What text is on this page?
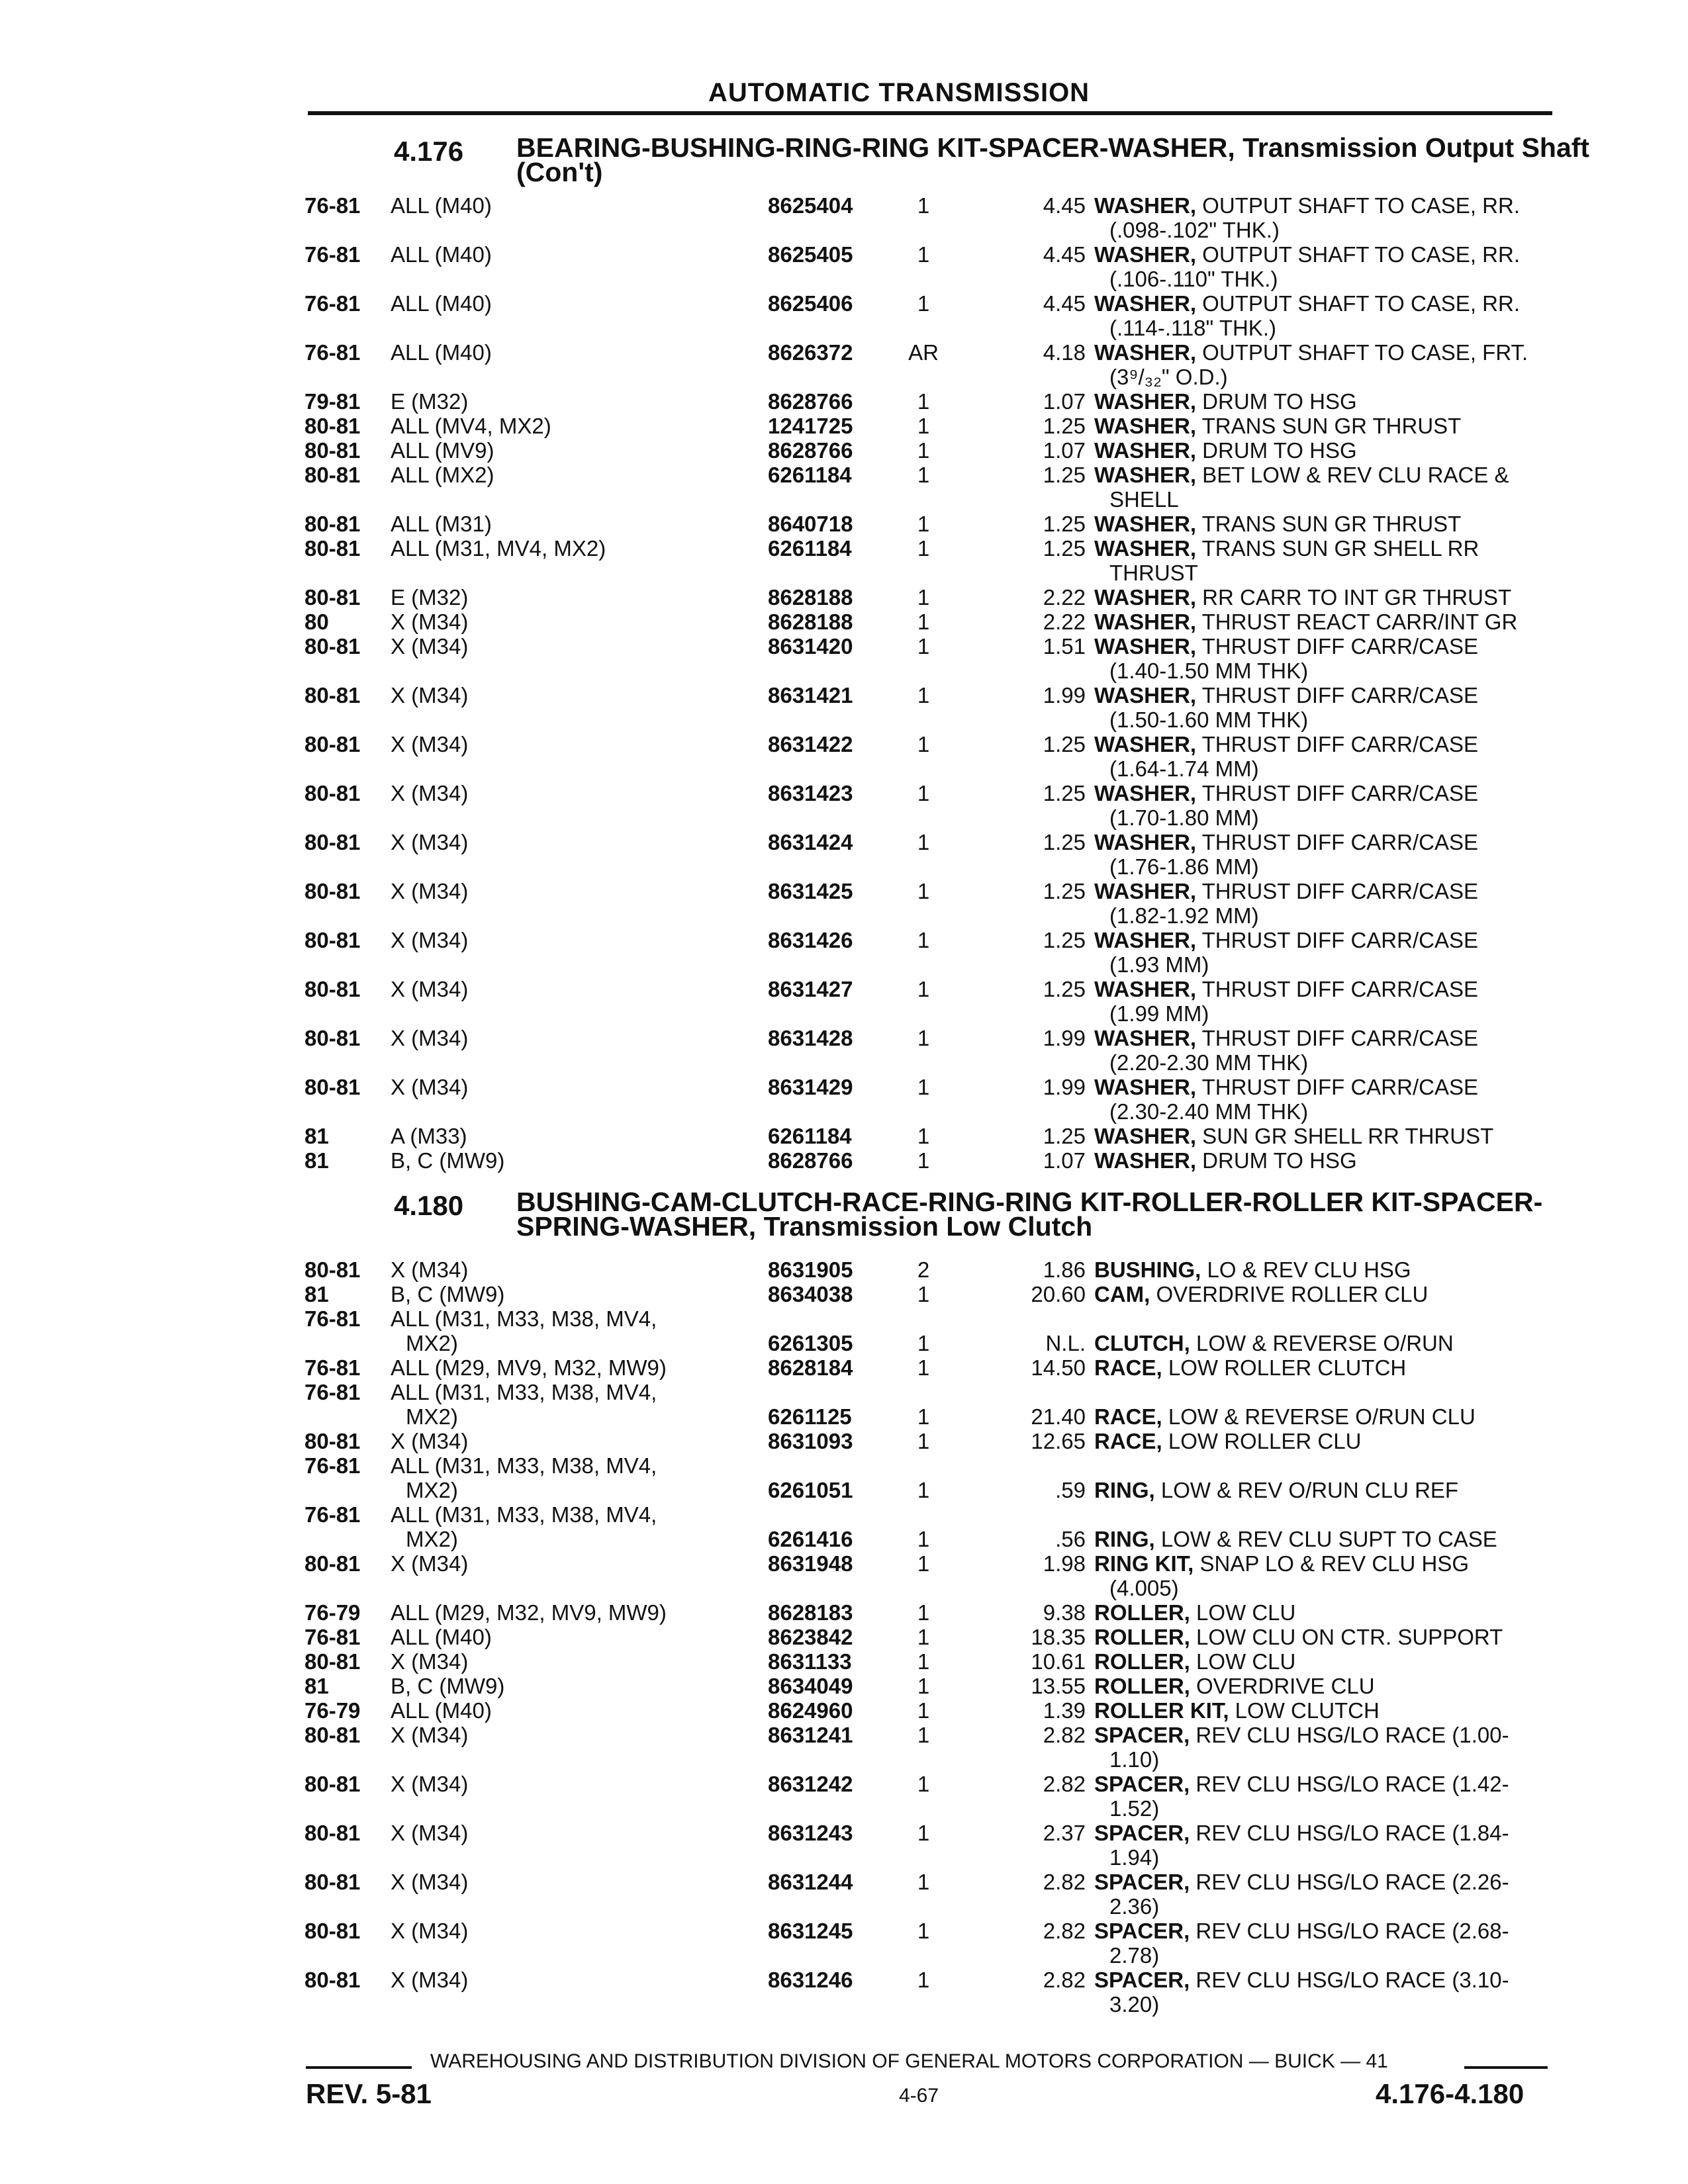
AUTOMATIC TRANSMISSION
4.176 BEARING-BUSHING-RING-RING KIT-SPACER-WASHER, Transmission Output Shaft (Con't)
76-81	ALL (M40)	8625404	1	4.45 WASHER, OUTPUT SHAFT TO CASE, RR.
(.098-.102" THK.)
76-81	ALL (M40)	8625405	1	4.45 WASHER, OUTPUT SHAFT TO CASE, RR.
(.106-.110" THK.)
76-81	ALL (M40)	8625406	1	4.45 WASHER, OUTPUT SHAFT TO CASE, RR.
(.114-.118" THK.)
76-81	ALL (M40)	8626372	AR	4.18 WASHER, OUTPUT SHAFT TO CASE, FRT.
(3⁹/₃₂" O.D.)
79-81	E (M32)	8628766	1	1.07 WASHER, DRUM TO HSG
80-81	ALL (MV4, MX2)	1241725	1	1.25 WASHER, TRANS SUN GR THRUST
80-81	ALL (MV9)	8628766	1	1.07 WASHER, DRUM TO HSG
80-81	ALL (MX2)	6261184	1	1.25 WASHER, BET LOW & REV CLU RACE &
SHELL
80-81	ALL (M31)	8640718	1	1.25 WASHER, TRANS SUN GR THRUST
80-81	ALL (M31, MV4, MX2)	6261184	1	1.25 WASHER, TRANS SUN GR SHELL RR
THRUST
80-81	E (M32)	8628188	1	2.22 WASHER, RR CARR TO INT GR THRUST
80	X (M34)	8628188	1	2.22 WASHER, THRUST REACT CARR/INT GR
80-81	X (M34)	8631420	1	1.51 WASHER, THRUST DIFF CARR/CASE
(1.40-1.50 MM THK)
80-81	X (M34)	8631421	1	1.99 WASHER, THRUST DIFF CARR/CASE
(1.50-1.60 MM THK)
80-81	X (M34)	8631422	1	1.25 WASHER, THRUST DIFF CARR/CASE
(1.64-1.74 MM)
80-81	X (M34)	8631423	1	1.25 WASHER, THRUST DIFF CARR/CASE
(1.70-1.80 MM)
80-81	X (M34)	8631424	1	1.25 WASHER, THRUST DIFF CARR/CASE
(1.76-1.86 MM)
80-81	X (M34)	8631425	1	1.25 WASHER, THRUST DIFF CARR/CASE
(1.82-1.92 MM)
80-81	X (M34)	8631426	1	1.25 WASHER, THRUST DIFF CARR/CASE
(1.93 MM)
80-81	X (M34)	8631427	1	1.25 WASHER, THRUST DIFF CARR/CASE
(1.99 MM)
80-81	X (M34)	8631428	1	1.99 WASHER, THRUST DIFF CARR/CASE
(2.20-2.30 MM THK)
80-81	X (M34)	8631429	1	1.99 WASHER, THRUST DIFF CARR/CASE
(2.30-2.40 MM THK)
81	A (M33)	6261184	1	1.25 WASHER, SUN GR SHELL RR THRUST
81	B, C (MW9)	8628766	1	1.07 WASHER, DRUM TO HSG
4.180 BUSHING-CAM-CLUTCH-RACE-RING-RING KIT-ROLLER-ROLLER KIT-SPACER-SPRING-WASHER, Transmission Low Clutch
80-81	X (M34)	8631905	2	1.86 BUSHING, LO & REV CLU HSG
81	B, C (MW9)	8634038	1	20.60 CAM, OVERDRIVE ROLLER CLU
76-81	ALL (M31, M33, M38, MV4,
MX2)	6261305	1	N.L. CLUTCH, LOW & REVERSE O/RUN
76-81	ALL (M29, MV9, M32, MW9)	8628184	1	14.50 RACE, LOW ROLLER CLUTCH
76-81	ALL (M31, M33, M38, MV4,
MX2)	6261125	1	21.40 RACE, LOW & REVERSE O/RUN CLU
80-81	X (M34)	8631093	1	12.65 RACE, LOW ROLLER CLU
76-81	ALL (M31, M33, M38, MV4,
MX2)	6261051	1	.59 RING, LOW & REV O/RUN CLU REF
76-81	ALL (M31, M33, M38, MV4,
MX2)	6261416	1	.56 RING, LOW & REV CLU SUPT TO CASE
80-81	X (M34)	8631948	1	1.98 RING KIT, SNAP LO & REV CLU HSG
(4.005)
76-79	ALL (M29, M32, MV9, MW9)	8628183	1	9.38 ROLLER, LOW CLU
76-81	ALL (M40)	8623842	1	18.35 ROLLER, LOW CLU ON CTR. SUPPORT
80-81	X (M34)	8631133	1	10.61 ROLLER, LOW CLU
81	B, C (MW9)	8634049	1	13.55 ROLLER, OVERDRIVE CLU
76-79	ALL (M40)	8624960	1	1.39 ROLLER KIT, LOW CLUTCH
80-81	X (M34)	8631241	1	2.82 SPACER, REV CLU HSG/LO RACE (1.00-
1.10)
80-81	X (M34)	8631242	1	2.82 SPACER, REV CLU HSG/LO RACE (1.42-
1.52)
80-81	X (M34)	8631243	1	2.37 SPACER, REV CLU HSG/LO RACE (1.84-
1.94)
80-81	X (M34)	8631244	1	2.82 SPACER, REV CLU HSG/LO RACE (2.26-
2.36)
80-81	X (M34)	8631245	1	2.82 SPACER, REV CLU HSG/LO RACE (2.68-
2.78)
80-81	X (M34)	8631246	1	2.82 SPACER, REV CLU HSG/LO RACE (3.10-
3.20)
WAREHOUSING AND DISTRIBUTION DIVISION OF GENERAL MOTORS CORPORATION — BUICK — 41
REV. 5-81	4-67	4.176-4.180
